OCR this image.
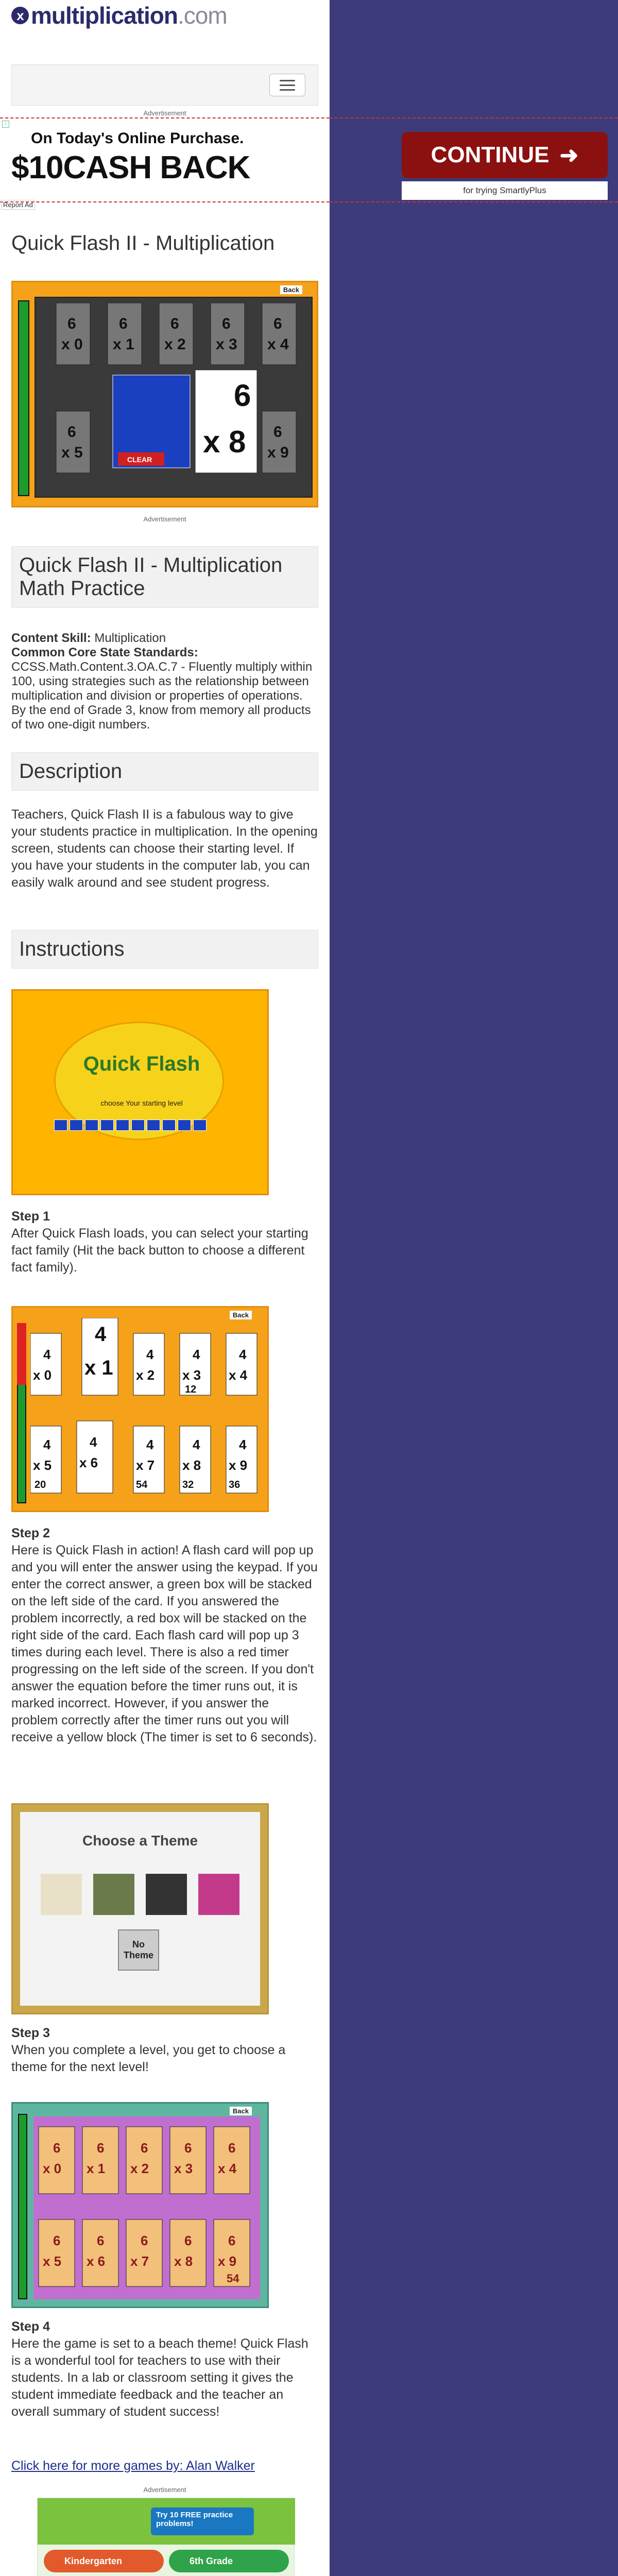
x multiplication .com
Advertisement
i
On Today's Online Purchase.
$10CASH BACK
Report Ad
Quick Flash II - Multiplication
Back
6
x 0
6
x 1
6
x 2
6
x 3
6
x 4
6
x 5
6
x 9
CLEAR
6
x 8
Advertisement
Quick Flash II - Multiplication Math Practice
Content Skill: Multiplication
Common Core State Standards: CCSS.Math.Content.3.OA.C.7 - Fluently multiply within 100, using strategies such as the relationship between multiplication and division or properties of operations. By the end of Grade 3, know from memory all products of two one-digit numbers.
Description
Teachers, Quick Flash II is a fabulous way to give your students practice in multiplication. In the opening screen, students can choose their starting level. If you have your students in the computer lab, you can easily walk around and see student progress.
Instructions
Quick Flash
choose Your starting level
Step 1
After Quick Flash loads, you can select your starting fact family (Hit the back button to choose a different fact family).
Back
4
x 0
4
x 1
4
x 2
4
x 3
4
x 4
4
x 5
4
x 6
4
x 7
4
x 8
4
x 9
12
20	54	32	36
Step 2
Here is Quick Flash in action! A flash card will pop up and you will enter the answer using the keypad. If you enter the correct answer, a green box will be stacked on the left side of the card. If you answered the problem incorrectly, a red box will be stacked on the right side of the card. Each flash card will pop up 3 times during each level. There is also a red timer progressing on the left side of the screen. If you don't answer the equation before the timer runs out, it is marked incorrect. However, if you answer the problem correctly after the timer runs out you will receive a yellow block (The timer is set to 6 seconds).
Choose a Theme
No Theme
Step 3
When you complete a level, you get to choose a theme for the next level!
Back
6
x 0
6
x 1
6
x 2
6
x 3
6
x 4
6
x 5
6
x 6
6
x 7
6
x 8
6
x 9
54
Step 4
Here the game is set to a beach theme! Quick Flash is a wonderful tool for teachers to use with their students. In a lab or classroom setting it gives the student immediate feedback and the teacher an overall summary of student success!
Click here for more games by: Alan Walker
Advertisement
Try 10 FREE practice problems!
Kindergarten	6th Grade
CONTINUE ➜
for trying SmartlyPlus
